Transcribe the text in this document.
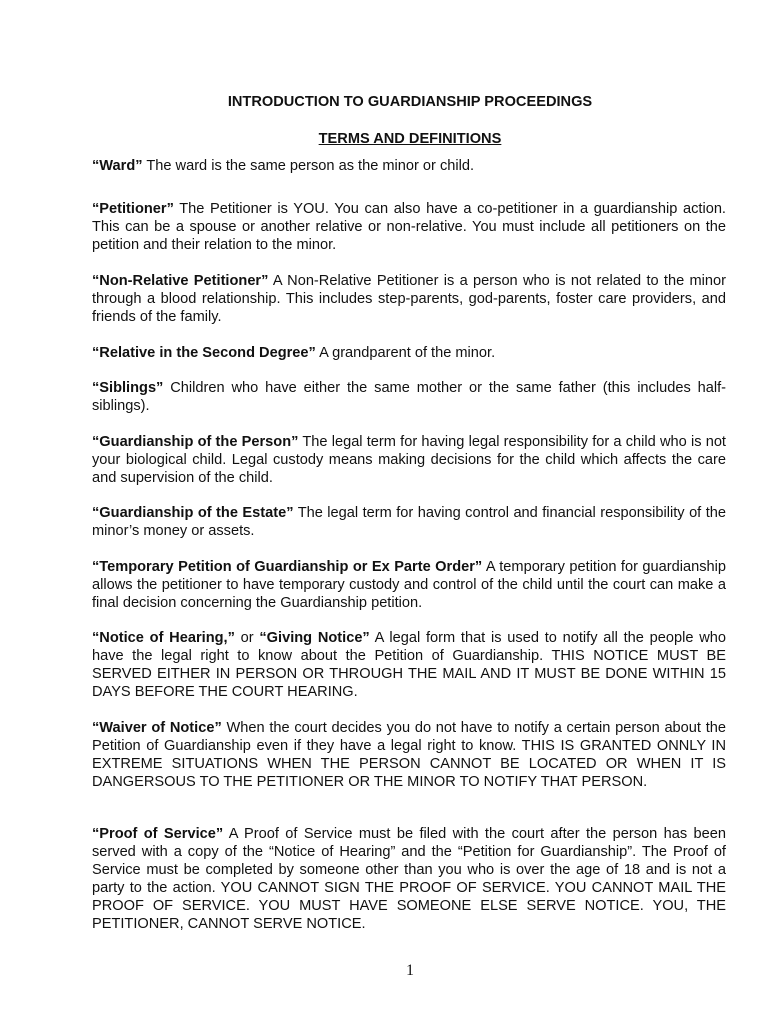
INTRODUCTION TO GUARDIANSHIP PROCEEDINGS
TERMS AND DEFINITIONS

“Ward” The ward is the same person as the minor or child.

“Petitioner” The Petitioner is YOU. You can also have a co-petitioner in a guardianship action. This can be a spouse or another relative or non-relative. You must include all petitioners on the petition and their relation to the minor.

“Non-Relative Petitioner” A Non-Relative Petitioner is a person who is not related to the minor through a blood relationship. This includes step-parents, god-parents, foster care providers, and friends of the family.

“Relative in the Second Degree” A grandparent of the minor.

“Siblings” Children who have either the same mother or the same father (this includes half-siblings).

“Guardianship of the Person” The legal term for having legal responsibility for a child who is not your biological child. Legal custody means making decisions for the child which affects the care and supervision of the child.

“Guardianship of the Estate” The legal term for having control and financial responsibility of the minor’s money or assets.

“Temporary Petition of Guardianship or Ex Parte Order” A temporary petition for guardianship allows the petitioner to have temporary custody and control of the child until the court can make a final decision concerning the Guardianship petition.

“Notice of Hearing,” or “Giving Notice” A legal form that is used to notify all the people who have the legal right to know about the Petition of Guardianship. THIS NOTICE MUST BE SERVED EITHER IN PERSON OR THROUGH THE MAIL AND IT MUST BE DONE WITHIN 15 DAYS BEFORE THE COURT HEARING.

“Waiver of Notice” When the court decides you do not have to notify a certain person about the Petition of Guardianship even if they have a legal right to know. THIS IS GRANTED ONNLY IN EXTREME SITUATIONS WHEN THE PERSON CANNOT BE LOCATED OR WHEN IT IS DANGERSOUS TO THE PETITIONER OR THE MINOR TO NOTIFY THAT PERSON.

“Proof of Service” A Proof of Service must be filed with the court after the person has been served with a copy of the “Notice of Hearing” and the “Petition for Guardianship”. The Proof of Service must be completed by someone other than you who is over the age of 18 and is not a party to the action. YOU CANNOT SIGN THE PROOF OF SERVICE. YOU CANNOT MAIL THE PROOF OF SERVICE. YOU MUST HAVE SOMEONE ELSE SERVE NOTICE. YOU, THE PETITIONER, CANNOT SERVE NOTICE.

1
